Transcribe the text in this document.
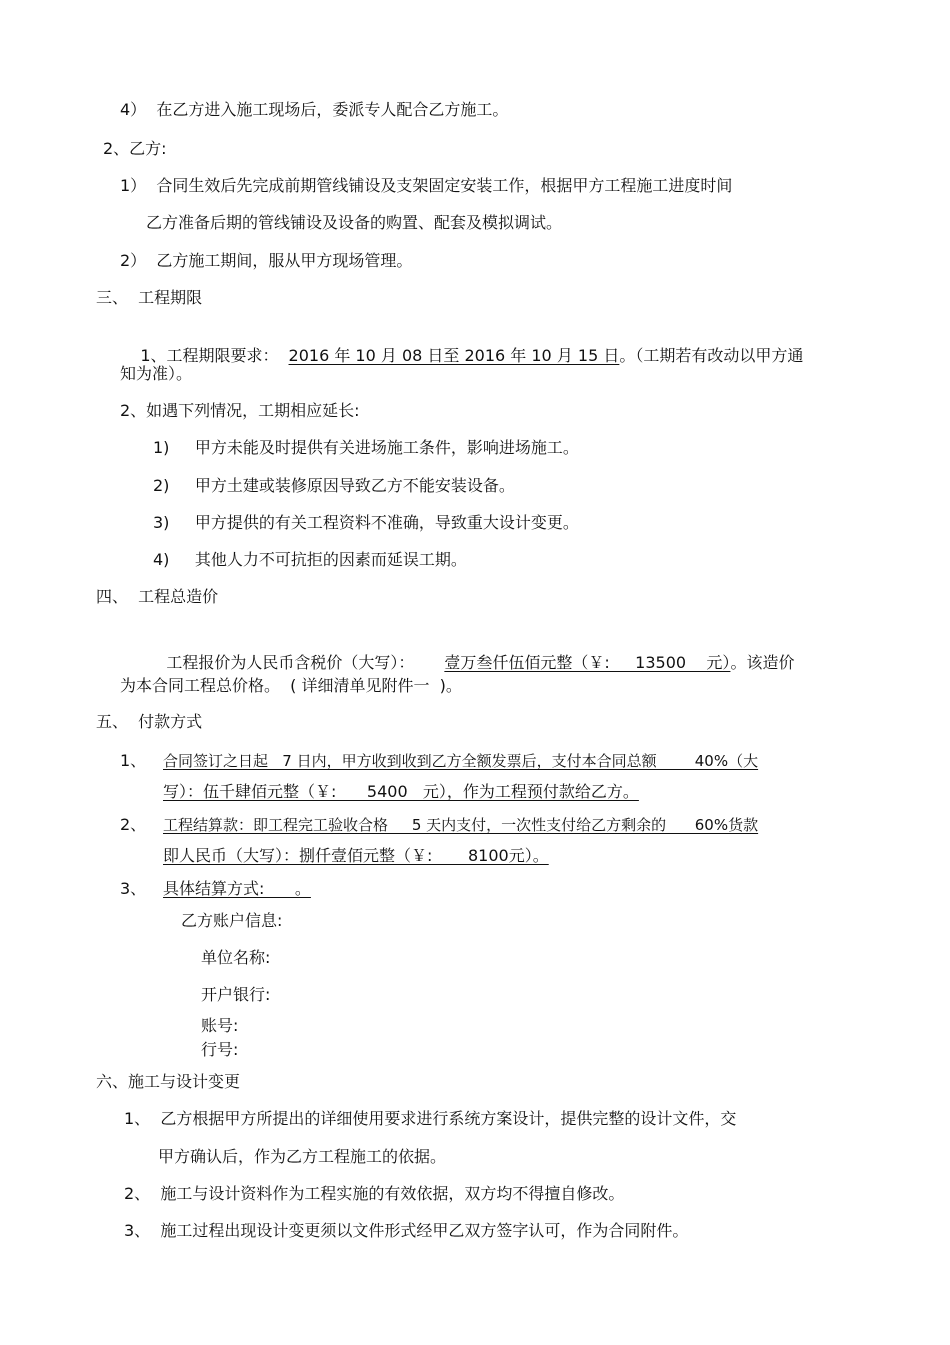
4）  在乙方进入施工现场后，委派专人配合乙方施工。
2、乙方:
1）  合同生效后先完成前期管线铺设及支架固定安装工作，根据甲方工程施工进度时间
乙方准备后期的管线铺设及设备的购置、配套及模拟调试。
2）  乙方施工期间，服从甲方现场管理。
三、  工程期限

1、工程期限要求： 2016 年 10 月 08 日至 2016 年 10 月 15 日。（工期若有改动以甲方通

知为准）。
2、如遇下列情况，工期相应延长:
1)     甲方未能及时提供有关进场施工条件，影响进场施工。
2)     甲方土建或装修原因导致乙方不能安装设备。
3)     甲方提供的有关工程资料不准确，导致重大设计变更。
4)     其他人力不可抗拒的因素而延误工期。
四、  工程总造价

工程报价为人民币含税价（大写）： 壹万叁仟伍佰元整（￥:     13500    元）。该造价

为本合同工程总价格。  ( 详细清单见附件一  )。
五、  付款方式
1、 合同签订之日起   7 日内，甲方收到收到乙方全额发票后，支付本合同总额        40%（大
写）：伍千肆佰元整（￥:      5400   元），作为工程预付款给乙方。
2、 工程结算款：即工程完工验收合格     5 天内支付，一次性支付给乙方剩余的      60%货款
即人民币（大写）：捌仟壹佰元整（￥:       8100元）。
3、 具体结算方式:      。
乙方账户信息:
单位名称:
开户银行:
账号:
行号:
六、施工与设计变更
1、  乙方根据甲方所提出的详细使用要求进行系统方案设计，提供完整的设计文件，交
甲方确认后，作为乙方工程施工的依据。
2、  施工与设计资料作为工程实施的有效依据，双方均不得擅自修改。
3、  施工过程出现设计变更须以文件形式经甲乙双方签字认可，作为合同附件。
